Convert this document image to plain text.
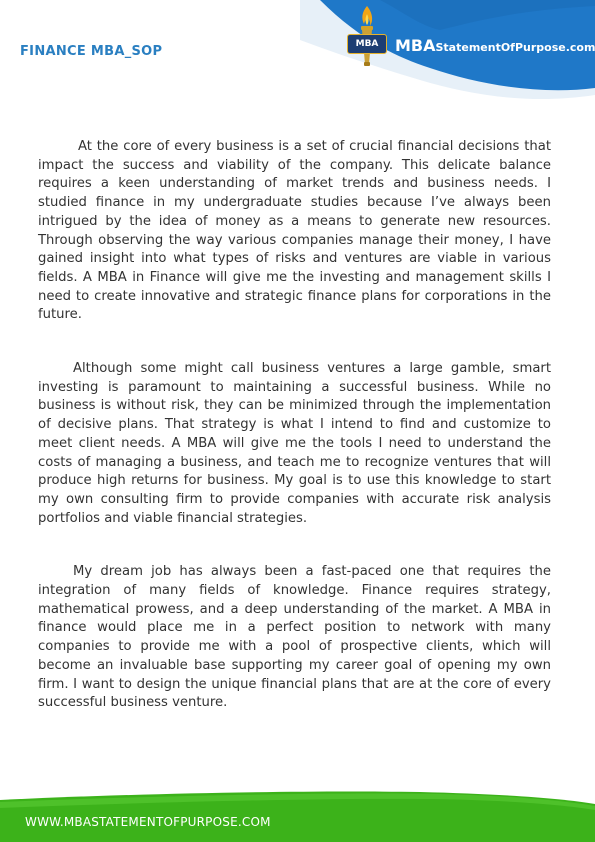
FINANCE MBA_SOP	MBA	MBAStatementOfPurpose.com

At the core of every business is a set of crucial financial decisions that impact the success and viability of the company. This delicate balance requires a keen understanding of market trends and business needs. I studied finance in my undergraduate studies because I’ve always been intrigued by the idea of money as a means to generate new resources. Through observing the way various companies manage their money, I have gained insight into what types of risks and ventures are viable in various fields. A MBA in Finance will give me the investing and management skills I need to create innovative and strategic finance plans for corporations in the future.

Although some might call business ventures a large gamble, smart investing is paramount to maintaining a successful business. While no business is without risk, they can be minimized through the implementation of decisive plans. That strategy is what I intend to find and customize to meet client needs. A MBA will give me the tools I need to understand the costs of managing a business, and teach me to recognize ventures that will produce high returns for business. My goal is to use this knowledge to start my own consulting firm to provide companies with accurate risk analysis portfolios and viable financial strategies.

My dream job has always been a fast-paced one that requires the integration of many fields of knowledge. Finance requires strategy, mathematical prowess, and a deep understanding of the market. A MBA in finance would place me in a perfect position to network with many companies to provide me with a pool of prospective clients, which will become an invaluable base supporting my career goal of opening my own firm. I want to design the unique financial plans that are at the core of every successful business venture.

WWW.MBASTATEMENTOFPURPOSE.COM
